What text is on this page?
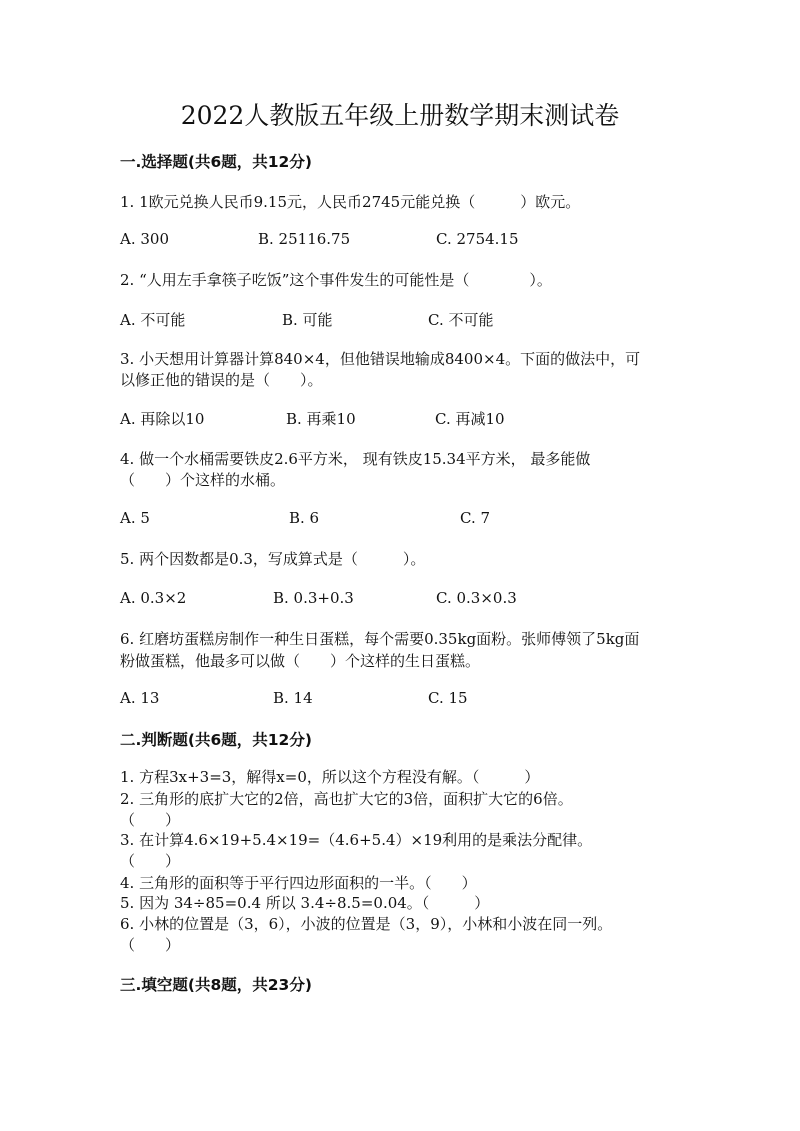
2022人教版五年级上册数学期末测试卷
一.选择题(共6题，共12分)
1. 1欧元兑换人民币9.15元，人民币2745元能兑换（　　　）欧元。
A. 300	B. 25116.75	C. 2754.15
2. “人用左手拿筷子吃饭”这个事件发生的可能性是（　　　　）。
A. 不可能	B. 可能	C. 不可能
3. 小天想用计算器计算840×4，但他错误地输成8400×4。下面的做法中，可
以修正他的错误的是（　　）。
A. 再除以10	B. 再乘10	C. 再减10
4. 做一个水桶需要铁皮2.6平方米， 现有铁皮15.34平方米， 最多能做
（　　）个这样的水桶。
A. 5	B. 6	C. 7
5. 两个因数都是0.3，写成算式是（　　　）。
A. 0.3×2	B. 0.3+0.3	C. 0.3×0.3
6. 红磨坊蛋糕房制作一种生日蛋糕，每个需要0.35kg面粉。张师傅领了5kg面
粉做蛋糕，他最多可以做（　　）个这样的生日蛋糕。
A. 13	B. 14	C. 15
二.判断题(共6题，共12分)
1. 方程3x+3=3，解得x=0，所以这个方程没有解。（　　　）
2. 三角形的底扩大它的2倍，高也扩大它的3倍，面积扩大它的6倍。
（　　）
3. 在计算4.6×19+5.4×19=（4.6+5.4）×19利用的是乘法分配律。
（　　）
4. 三角形的面积等于平行四边形面积的一半。（　　）
5. 因为 34÷85=0.4 所以 3.4÷8.5=0.04。（　　　）
6. 小林的位置是（3，6），小波的位置是（3，9），小林和小波在同一列。
（　　）
三.填空题(共8题，共23分)
